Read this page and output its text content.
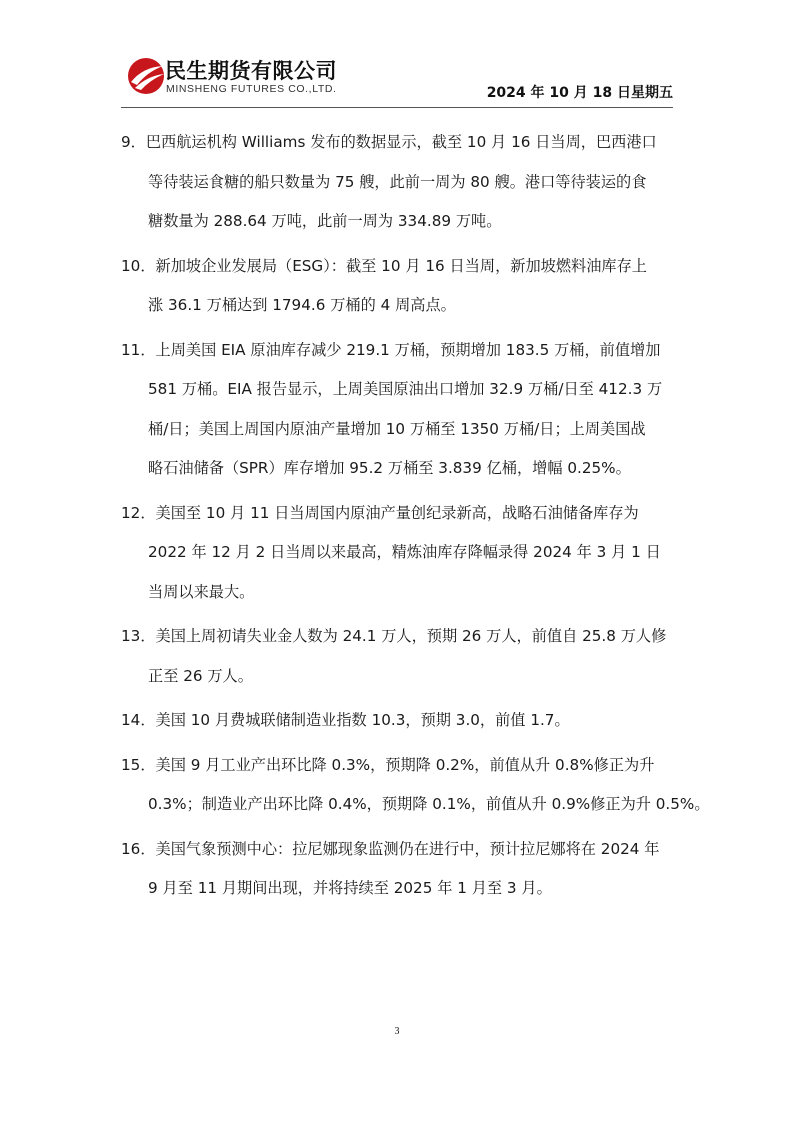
民生期货有限公司
MINSHENG FUTURES CO.,LTD.	2024 年 10 月 18 日星期五
9．巴西航运机构 Williams 发布的数据显示，截至 10 月 16 日当周，巴西港口
等待装运食糖的船只数量为 75 艘，此前一周为 80 艘。港口等待装运的食
糖数量为 288.64 万吨，此前一周为 334.89 万吨。
10．新加坡企业发展局（ESG）：截至 10 月 16 日当周，新加坡燃料油库存上
涨 36.1 万桶达到 1794.6 万桶的 4 周高点。
11．上周美国 EIA 原油库存减少 219.1 万桶，预期增加 183.5 万桶，前值增加
581 万桶。EIA 报告显示，上周美国原油出口增加 32.9 万桶/日至 412.3 万
桶/日；美国上周国内原油产量增加 10 万桶至 1350 万桶/日；上周美国战
略石油储备（SPR）库存增加 95.2 万桶至 3.839 亿桶，增幅 0.25%。
12．美国至 10 月 11 日当周国内原油产量创纪录新高，战略石油储备库存为
2022 年 12 月 2 日当周以来最高，精炼油库存降幅录得 2024 年 3 月 1 日
当周以来最大。
13．美国上周初请失业金人数为 24.1 万人，预期 26 万人，前值自 25.8 万人修
正至 26 万人。
14．美国 10 月费城联储制造业指数 10.3，预期 3.0，前值 1.7。
15．美国 9 月工业产出环比降 0.3%，预期降 0.2%，前值从升 0.8%修正为升
0.3%；制造业产出环比降 0.4%，预期降 0.1%，前值从升 0.9%修正为升 0.5%。
16．美国气象预测中心：拉尼娜现象监测仍在进行中，预计拉尼娜将在 2024 年
9 月至 11 月期间出现，并将持续至 2025 年 1 月至 3 月。
3
